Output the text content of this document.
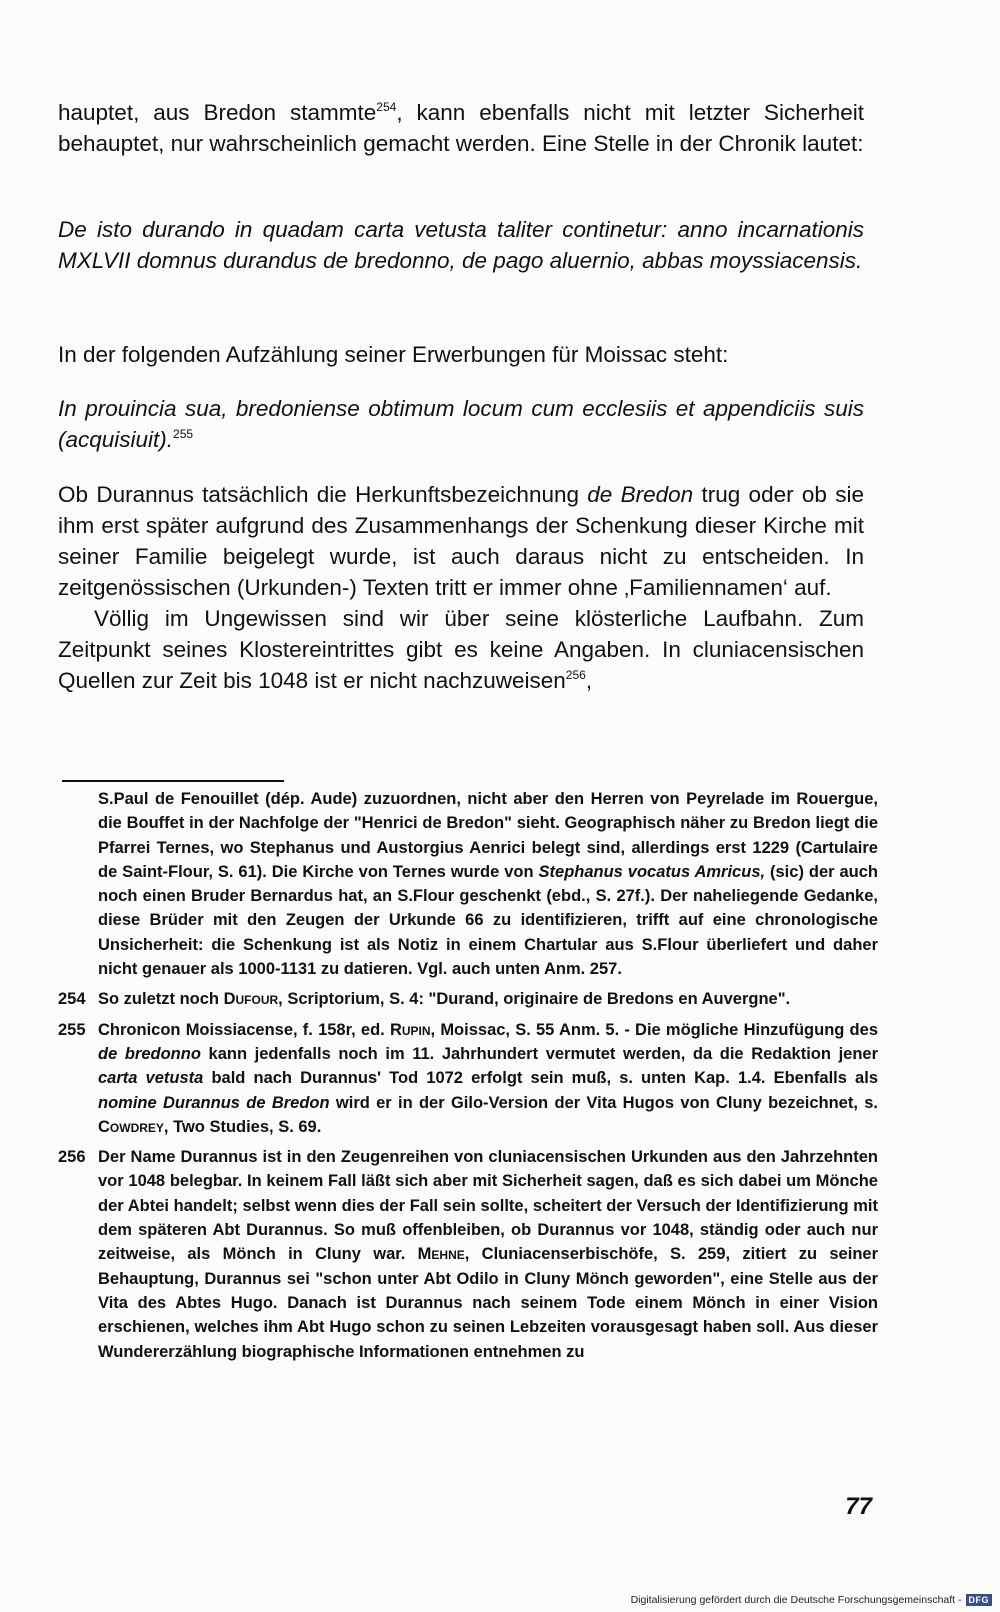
hauptet, aus Bredon stammte$^{254}$, kann ebenfalls nicht mit letzter Sicherheit behauptet, nur wahrscheinlich gemacht werden. Eine Stelle in der Chronik lautet:

De isto durando in quadam carta vetusta taliter continetur: anno incarnationis MXLVII domnus durandus de bredonno, de pago aluernio, abbas moyssiacensis.

In der folgenden Aufzählung seiner Erwerbungen für Moissac steht:

In prouincia sua, bredoniense obtimum locum cum ecclesiis et appendiciis suis (acquisiuit).$^{255}$

Ob Durannus tatsächlich die Herkunftsbezeichnung de Bredon trug oder ob sie ihm erst später aufgrund des Zusammenhangs der Schenkung dieser Kirche mit seiner Familie beigelegt wurde, ist auch daraus nicht zu entscheiden. In zeitgenössischen (Urkunden-) Texten tritt er immer ohne ‚Familiennamen‘ auf.

Völlig im Ungewissen sind wir über seine klösterliche Laufbahn. Zum Zeitpunkt seines Klostereintrittes gibt es keine Angaben. In cluniacensischen Quellen zur Zeit bis 1048 ist er nicht nachzuweisen$^{256}$,

S.Paul de Fenouillet (dép. Aude) zuzuordnen, nicht aber den Herren von Peyrelade im Rouergue, die Bouffet in der Nachfolge der "Henrici de Bredon" sieht. Geographisch näher zu Bredon liegt die Pfarrei Ternes, wo Stephanus und Austorgius Aenrici belegt sind, allerdings erst 1229 (Cartulaire de Saint-Flour, S. 61). Die Kirche von Ternes wurde von Stephanus vocatus Amricus, (sic) der auch noch einen Bruder Bernardus hat, an S.Flour geschenkt (ebd., S. 27f.). Der naheliegende Gedanke, diese Brüder mit den Zeugen der Urkunde 66 zu identifizieren, trifft auf eine chronologische Unsicherheit: die Schenkung ist als Notiz in einem Chartular aus S.Flour überliefert und daher nicht genauer als 1000-1131 zu datieren. Vgl. auch unten Anm. 257.

254 So zuletzt noch Dufour, Scriptorium, S. 4: "Durand, originaire de Bredons en Auvergne".
255 Chronicon Moissiacense, f. 158r, ed. Rupin, Moissac, S. 55 Anm. 5. - Die mögliche Hinzufügung des de bredonno kann jedenfalls noch im 11. Jahrhundert vermutet werden, da die Redaktion jener carta vetusta bald nach Durannus' Tod 1072 erfolgt sein muß, s. unten Kap. 1.4. Ebenfalls als nomine Durannus de Bredon wird er in der Gilo-Version der Vita Hugos von Cluny bezeichnet, s. Cowdrey, Two Studies, S. 69.
256 Der Name Durannus ist in den Zeugenreihen von cluniacensischen Urkunden aus den Jahrzehnten vor 1048 belegbar. In keinem Fall läßt sich aber mit Sicherheit sagen, daß es sich dabei um Mönche der Abtei handelt; selbst wenn dies der Fall sein sollte, scheitert der Versuch der Identifizierung mit dem späteren Abt Durannus. So muß offenbleiben, ob Durannus vor 1048, ständig oder auch nur zeitweise, als Mönch in Cluny war. Mehne, Cluniacenserbischöfe, S. 259, zitiert zu seiner Behauptung, Durannus sei "schon unter Abt Odilo in Cluny Mönch geworden", eine Stelle aus der Vita des Abtes Hugo. Danach ist Durannus nach seinem Tode einem Mönch in einer Vision erschienen, welches ihm Abt Hugo schon zu seinen Lebzeiten vorausgesagt haben soll. Aus dieser Wundererzählung biographische Informationen entnehmen zu
77
Digitalisierung gefördert durch die Deutsche Forschungsgemeinschaft - DFG
